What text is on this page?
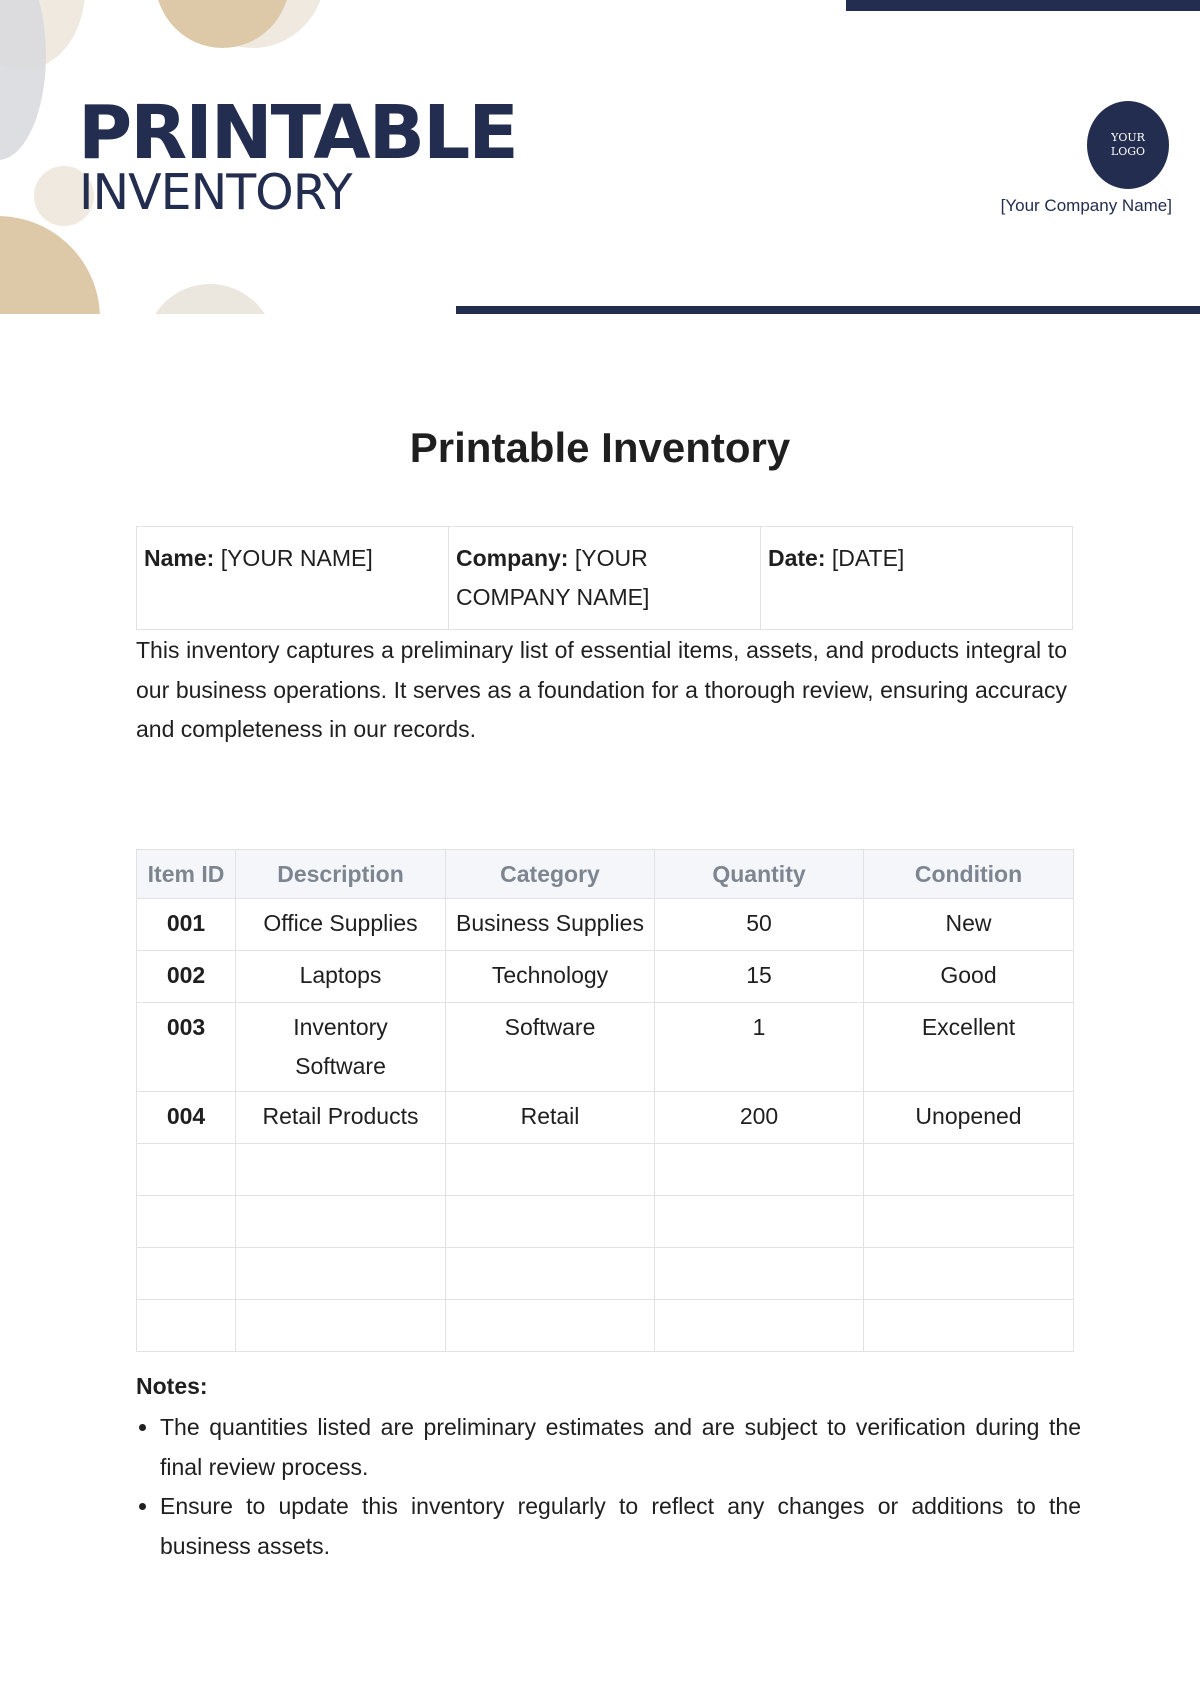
PRINTABLE
INVENTORY
YOUR
LOGO

[Your Company Name]

Printable Inventory
Name: [YOUR NAME]	Company: [YOUR COMPANY NAME]	Date: [DATE]

This inventory captures a preliminary list of essential items, assets, and products integral to our business operations. It serves as a foundation for a thorough review, ensuring accuracy and completeness in our records.

Item ID	Description	Category	Quantity	Condition
001	Office Supplies	Business Supplies	50	New
002	Laptops	Technology	15	Good
003	Inventory Software	Software	1	Excellent
004	Retail Products	Retail	200	Unopened

Notes:

• The quantities listed are preliminary estimates and are subject to verification during the final review process.
• Ensure to update this inventory regularly to reflect any changes or additions to the business assets.
